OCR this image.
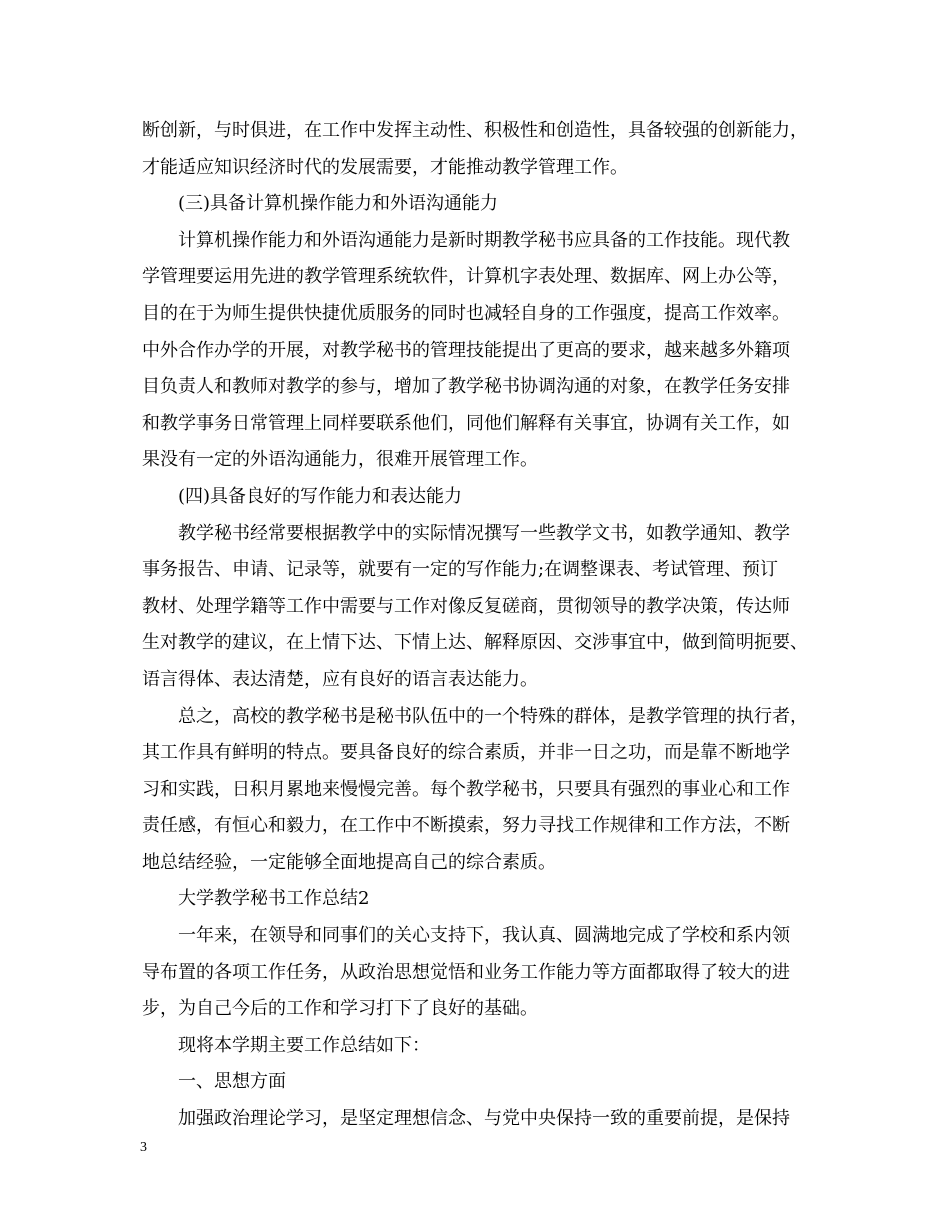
断创新，与时俱进，在工作中发挥主动性、积极性和创造性，具备较强的创新能力，
才能适应知识经济时代的发展需要，才能推动教学管理工作。
(三)具备计算机操作能力和外语沟通能力
计算机操作能力和外语沟通能力是新时期教学秘书应具备的工作技能。现代教
学管理要运用先进的教学管理系统软件，计算机字表处理、数据库、网上办公等，
目的在于为师生提供快捷优质服务的同时也减轻自身的工作强度，提高工作效率。
中外合作办学的开展，对教学秘书的管理技能提出了更高的要求，越来越多外籍项
目负责人和教师对教学的参与，增加了教学秘书协调沟通的对象，在教学任务安排
和教学事务日常管理上同样要联系他们，同他们解释有关事宜，协调有关工作，如
果没有一定的外语沟通能力，很难开展管理工作。
(四)具备良好的写作能力和表达能力
教学秘书经常要根据教学中的实际情况撰写一些教学文书，如教学通知、教学
事务报告、申请、记录等，就要有一定的写作能力;在调整课表、考试管理、预订
教材、处理学籍等工作中需要与工作对像反复磋商，贯彻领导的教学决策，传达师
生对教学的建议，在上情下达、下情上达、解释原因、交涉事宜中，做到简明扼要、
语言得体、表达清楚，应有良好的语言表达能力。
总之，高校的教学秘书是秘书队伍中的一个特殊的群体，是教学管理的执行者，
其工作具有鲜明的特点。要具备良好的综合素质，并非一日之功，而是靠不断地学
习和实践，日积月累地来慢慢完善。每个教学秘书，只要具有强烈的事业心和工作
责任感，有恒心和毅力，在工作中不断摸索，努力寻找工作规律和工作方法，不断
地总结经验，一定能够全面地提高自己的综合素质。
大学教学秘书工作总结2
一年来，在领导和同事们的关心支持下，我认真、圆满地完成了学校和系内领
导布置的各项工作任务，从政治思想觉悟和业务工作能力等方面都取得了较大的进
步，为自己今后的工作和学习打下了良好的基础。
现将本学期主要工作总结如下：
一、思想方面
加强政治理论学习，是坚定理想信念、与党中央保持一致的重要前提，是保持
3
